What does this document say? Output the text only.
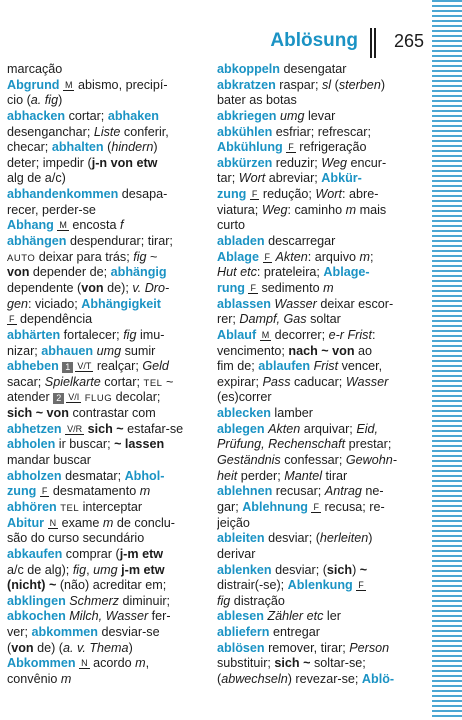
Ablösung 265
marcação
Abgrund M abismo, precipí-
cio (a. fig)
abhacken cortar; abhaken
desenganchar; Liste conferir,
checar; abhalten (hindern)
deter; impedir (j-n von etw
alg de a/c)
abhandenkommen desapa-
recer, perder-se
Abhang M encosta f
abhängen despendurar; tirar;
AUTO deixar para trás; fig ~
von depender de; abhängig
dependente (von de); v. Dro-
gen: viciado; Abhängigkeit
F dependência
abhärten fortalecer; fig imu-
nizar; abhauen umg sumir
abheben 1 V/T realçar; Geld
sacar; Spielkarte cortar; TEL ~
atender 2 V/I FLUG decolar;
sich ~ von contrastar com
abhetzen V/R sich ~ estafar-se
abholen ir buscar; ~ lassen
mandar buscar
abholzen desmatar; Abhol-
zung F desmatamento m
abhören TEL interceptar
Abitur N exame m de conclu-
são do curso secundário
abkaufen comprar (j-m etw
a/c de alg); fig, umg j-m etw
(nicht) ~ (não) acreditar em;
abklingen Schmerz diminuir;
abkochen Milch, Wasser fer-
ver; abkommen desviar-se
(von de) (a. v. Thema)
Abkommen N acordo m,
convênio m
abkoppeln desengatar
abkratzen raspar; sl (sterben)
bater as botas
abkriegen umg levar
abkühlen esfriar; refrescar;
Abkühlung F refrigeração
abkürzen reduzir; Weg encur-
tar; Wort abreviar; Abkür-
zung F redução; Wort: abre-
viatura; Weg: caminho m mais
curto
abladen descarregar
Ablage F Akten: arquivo m;
Hut etc: prateleira; Ablage-
rung F sedimento m
ablassen Wasser deixar escor-
rer; Dampf, Gas soltar
Ablauf M decorrer; e-r Frist:
vencimento; nach ~ von ao
fim de; ablaufen Frist vencer,
expirar; Pass caducar; Wasser
(es)correr
ablecken lamber
ablegen Akten arquivar; Eid,
Prüfung, Rechenschaft prestar;
Geständnis confessar; Gewohn-
heit perder; Mantel tirar
ablehnen recusar; Antrag ne-
gar; Ablehnung F recusa; re-
jeição
ableiten desviar; (herleiten)
derivar
ablenken desviar; (sich) ~
distrair(-se); Ablenkung F
fig distração
ablesen Zähler etc ler
abliefern entregar
ablösen remover, tirar; Person
substituir; sich ~ soltar-se;
(abwechseln) revezar-se; Ablö-
